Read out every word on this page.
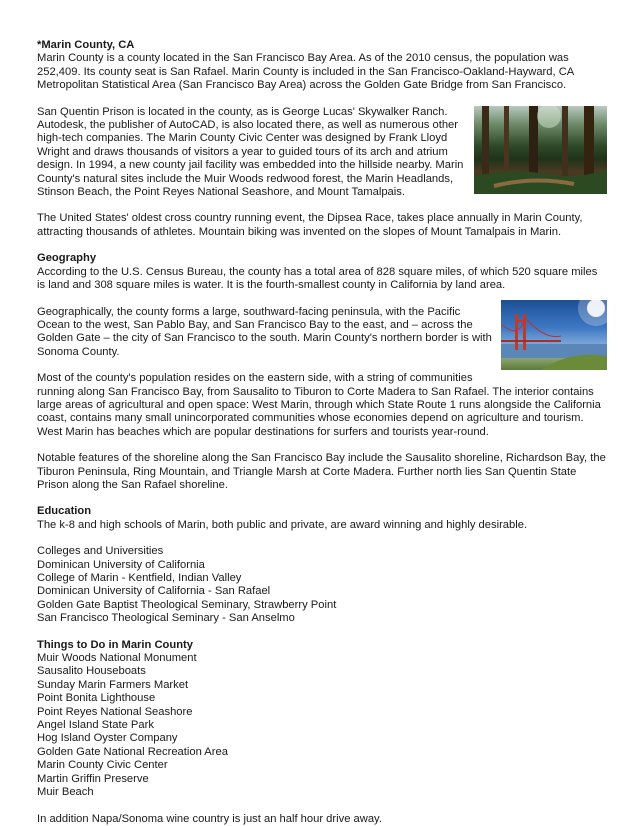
*Marin County, CA

Marin County is a county located in the San Francisco Bay Area. As of the 2010 census, the population was 252,409. Its county seat is San Rafael. Marin County is included in the San Francisco-Oakland-Hayward, CA Metropolitan Statistical Area (San Francisco Bay Area) across the Golden Gate Bridge from San Francisco.

San Quentin Prison is located in the county, as is George Lucas' Skywalker Ranch. Autodesk, the publisher of AutoCAD, is also located there, as well as numerous other high-tech companies. The Marin County Civic Center was designed by Frank Lloyd Wright and draws thousands of visitors a year to guided tours of its arch and atrium design. In 1994, a new county jail facility was embedded into the hillside nearby. Marin County's natural sites include the Muir Woods redwood forest, the Marin Headlands, Stinson Beach, the Point Reyes National Seashore, and Mount Tamalpais.

The United States' oldest cross country running event, the Dipsea Race, takes place annually in Marin County, attracting thousands of athletes. Mountain biking was invented on the slopes of Mount Tamalpais in Marin.

Geography

According to the U.S. Census Bureau, the county has a total area of 828 square miles, of which 520 square miles is land and 308 square miles is water. It is the fourth-smallest county in California by land area.

Geographically, the county forms a large, southward-facing peninsula, with the Pacific Ocean to the west, San Pablo Bay, and San Francisco Bay to the east, and – across the Golden Gate – the city of San Francisco to the south. Marin County's northern border is with Sonoma County.

Most of the county's population resides on the eastern side, with a string of communities running along San Francisco Bay, from Sausalito to Tiburon to Corte Madera to San Rafael. The interior contains large areas of agricultural and open space: West Marin, through which State Route 1 runs alongside the California coast, contains many small unincorporated communities whose economies depend on agriculture and tourism. West Marin has beaches which are popular destinations for surfers and tourists year-round.

Notable features of the shoreline along the San Francisco Bay include the Sausalito shoreline, Richardson Bay, the Tiburon Peninsula, Ring Mountain, and Triangle Marsh at Corte Madera. Further north lies San Quentin State Prison along the San Rafael shoreline.

Education

The k-8 and high schools of Marin, both public and private, are award winning and highly desirable.

Colleges and Universities

Dominican University of California

College of Marin - Kentfield, Indian Valley

Dominican University of California - San Rafael

Golden Gate Baptist Theological Seminary, Strawberry Point

San Francisco Theological Seminary - San Anselmo

Things to Do in Marin County

Muir Woods National Monument

Sausalito Houseboats

Sunday Marin Farmers Market

Point Bonita Lighthouse

Point Reyes National Seashore

Angel Island State Park

Hog Island Oyster Company

Golden Gate National Recreation Area

Marin County Civic Center

Martin Griffin Preserve

Muir Beach

In addition Napa/Sonoma wine country is just an half hour drive away.
